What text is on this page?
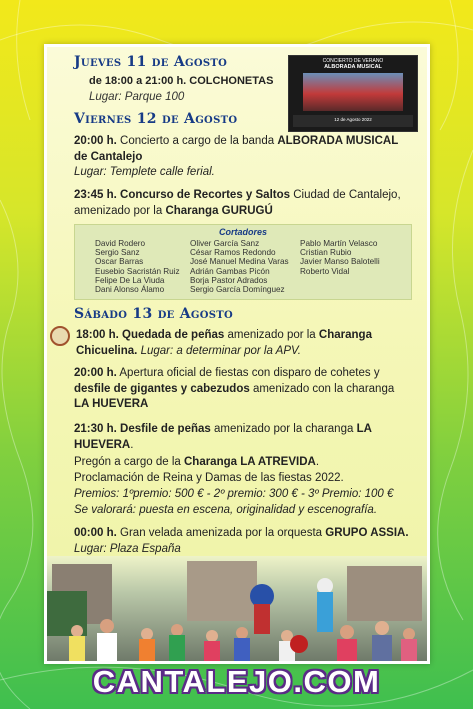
Jueves 11 de Agosto
de 18:00 a 21:00 h. COLCHONETAS
Lugar: Parque 100
CONCIERTO DE VERANO
ALBORADA MUSICAL
12 de Agosto 2022
Viernes 12 de Agosto
20:00 h. Concierto a cargo de la banda ALBORADA MUSICAL de Cantalejo
Lugar: Templete calle ferial.
23:45 h. Concurso de Recortes y Saltos Ciudad de Cantalejo, amenizado por la Charanga GURUGÚ
Cortadores
David Rodero
Sergio Sanz
Oscar Barras
Eusebio Sacristán Ruiz
Felipe De La Viuda
Dani Alonso Álamo
Oliver García Sanz
César Ramos Redondo
José Manuel Medina Varas
Adrián Gambas Picón
Borja Pastor Adrados
Sergio García Domínguez
Pablo Martín Velasco
Cristian Rubio
Javier Manso Balotelli
Roberto Vidal
Sábado 13 de Agosto
18:00 h. Quedada de peñas amenizado por la Charanga Chicuelina. Lugar: a determinar por la APV.
20:00 h. Apertura oficial de fiestas con disparo de cohetes y desfile de gigantes y cabezudos amenizado con la charanga LA HUEVERA
21:30 h. Desfile de peñas amenizado por la charanga LA HUEVERA.
Pregón a cargo de la Charanga LA ATREVIDA.
Proclamación de Reina y Damas de las fiestas 2022.
Premios: 1ºpremio: 500 € - 2º premio: 300 € - 3º Premio: 100 €
Se valorará: puesta en escena, originalidad y escenografía.
00:00 h. Gran velada amenizada por la orquesta GRUPO ASSIA.
Lugar: Plaza España
CANTALEJO.COM
